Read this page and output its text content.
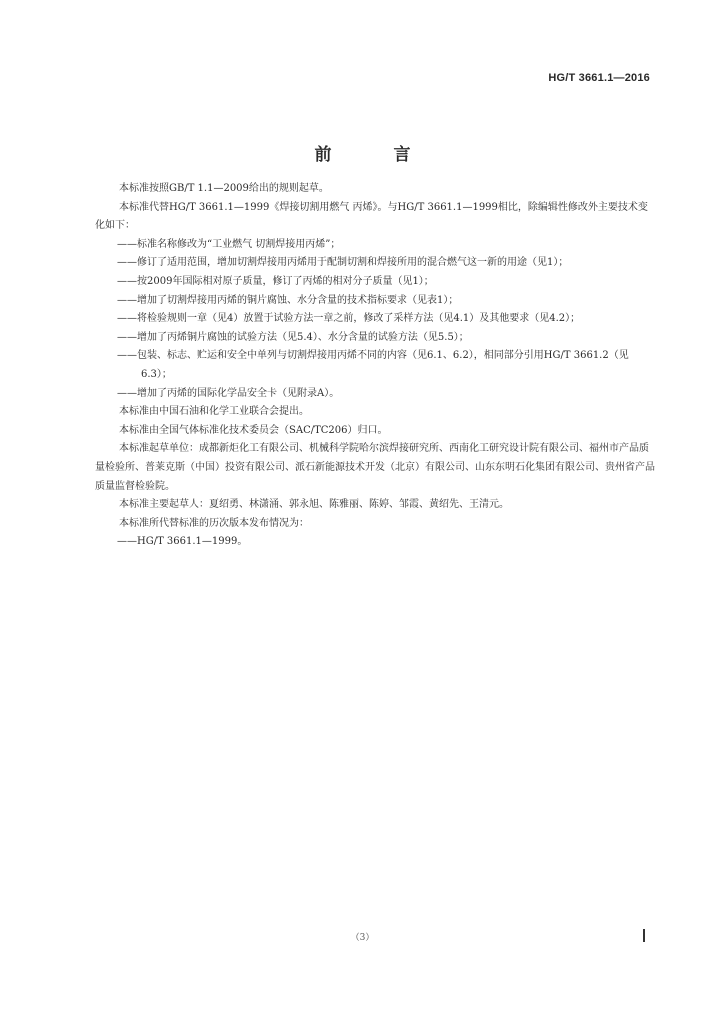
HG/T 3661.1—2016
前 言

本标准按照GB/T 1.1—2009给出的规则起草。

本标准代替HG/T 3661.1—1999《焊接切割用燃气 丙烯》。与HG/T 3661.1—1999相比，除编辑性修改外主要技术变化如下：

——标准名称修改为“工业燃气 切割焊接用丙烯”；

——修订了适用范围，增加切割焊接用丙烯用于配制切割和焊接所用的混合燃气这一新的用途（见1）；

——按2009年国际相对原子质量，修订了丙烯的相对分子质量（见1）；

——增加了切割焊接用丙烯的铜片腐蚀、水分含量的技术指标要求（见表1）；

——将检验规则一章（见4）放置于试验方法一章之前，修改了采样方法（见4.1）及其他要求（见4.2）；

——增加了丙烯铜片腐蚀的试验方法（见5.4）、水分含量的试验方法（见5.5）；

——包装、标志、贮运和安全中单列与切割焊接用丙烯不同的内容（见6.1、6.2），相同部分引用HG/T 3661.2（见6.3）；

——增加了丙烯的国际化学品安全卡（见附录A）。

本标准由中国石油和化学工业联合会提出。

本标准由全国气体标准化技术委员会（SAC/TC206）归口。

本标准起草单位：成都新炬化工有限公司、机械科学院哈尔滨焊接研究所、西南化工研究设计院有限公司、福州市产品质量检验所、普莱克斯（中国）投资有限公司、派石新能源技术开发（北京）有限公司、山东东明石化集团有限公司、贵州省产品质量监督检验院。

本标准主要起草人：夏绍勇、林潇涌、郭永旭、陈雅丽、陈婷、邹霞、黄绍先、王清元。

本标准所代替标准的历次版本发布情况为：

——HG/T 3661.1—1999。

（3）
